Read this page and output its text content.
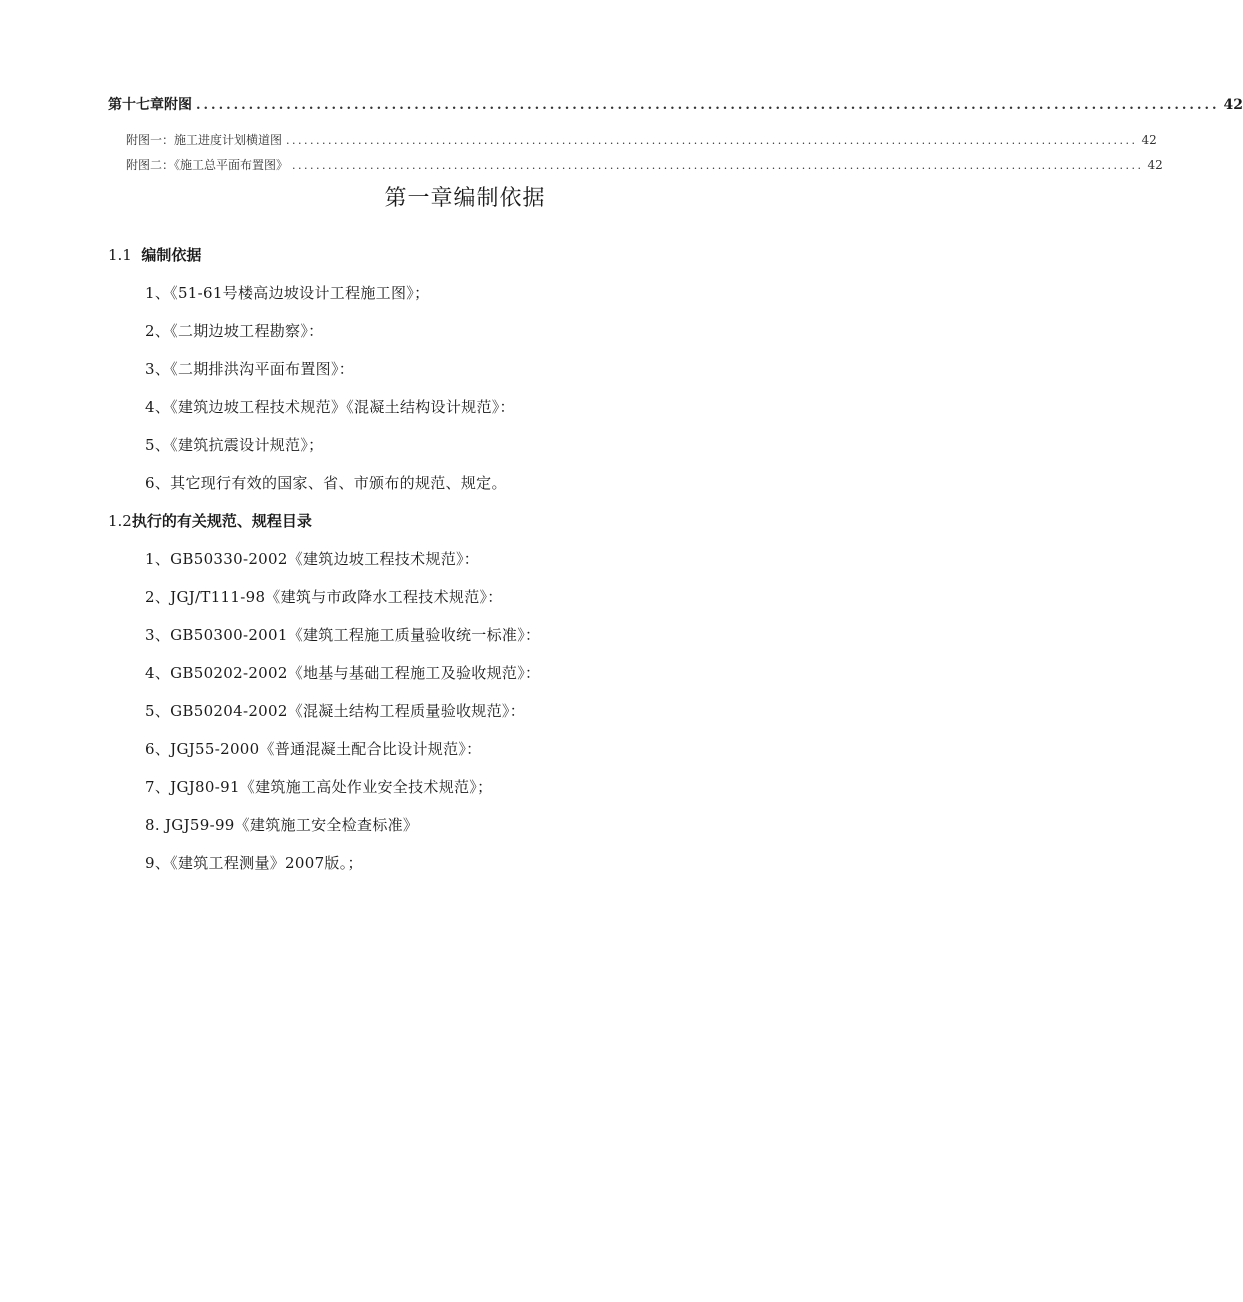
第十七章附图 ........................................................................................................................................ 42
附图一：施工进度计划横道图 .............................................................................................................................................. 42
附图二：《施工总平面布置图》 .............................................................................................................................................. 42
第一章编制依据
1.1 编制依据
1、《51-61号楼高边坡设计工程施工图》；
2、《二期边坡工程勘察》：
3、《二期排洪沟平面布置图》：
4、《建筑边坡工程技术规范》《混凝土结构设计规范》：
5、《建筑抗震设计规范》；
6、其它现行有效的国家、省、市颁布的规范、规定。
1.2执行的有关规范、规程目录
1、GB50330-2002《建筑边坡工程技术规范》：
2、JGJ/T111-98《建筑与市政降水工程技术规范》：
3、GB50300-2001《建筑工程施工质量验收统一标准》：
4、GB50202-2002《地基与基础工程施工及验收规范》：
5、GB50204-2002《混凝土结构工程质量验收规范》：
6、JGJ55-2000《普通混凝土配合比设计规范》：
7、JGJ80-91《建筑施工高处作业安全技术规范》；
8. JGJ59-99《建筑施工安全检查标准》
9、《建筑工程测量》2007版。；
